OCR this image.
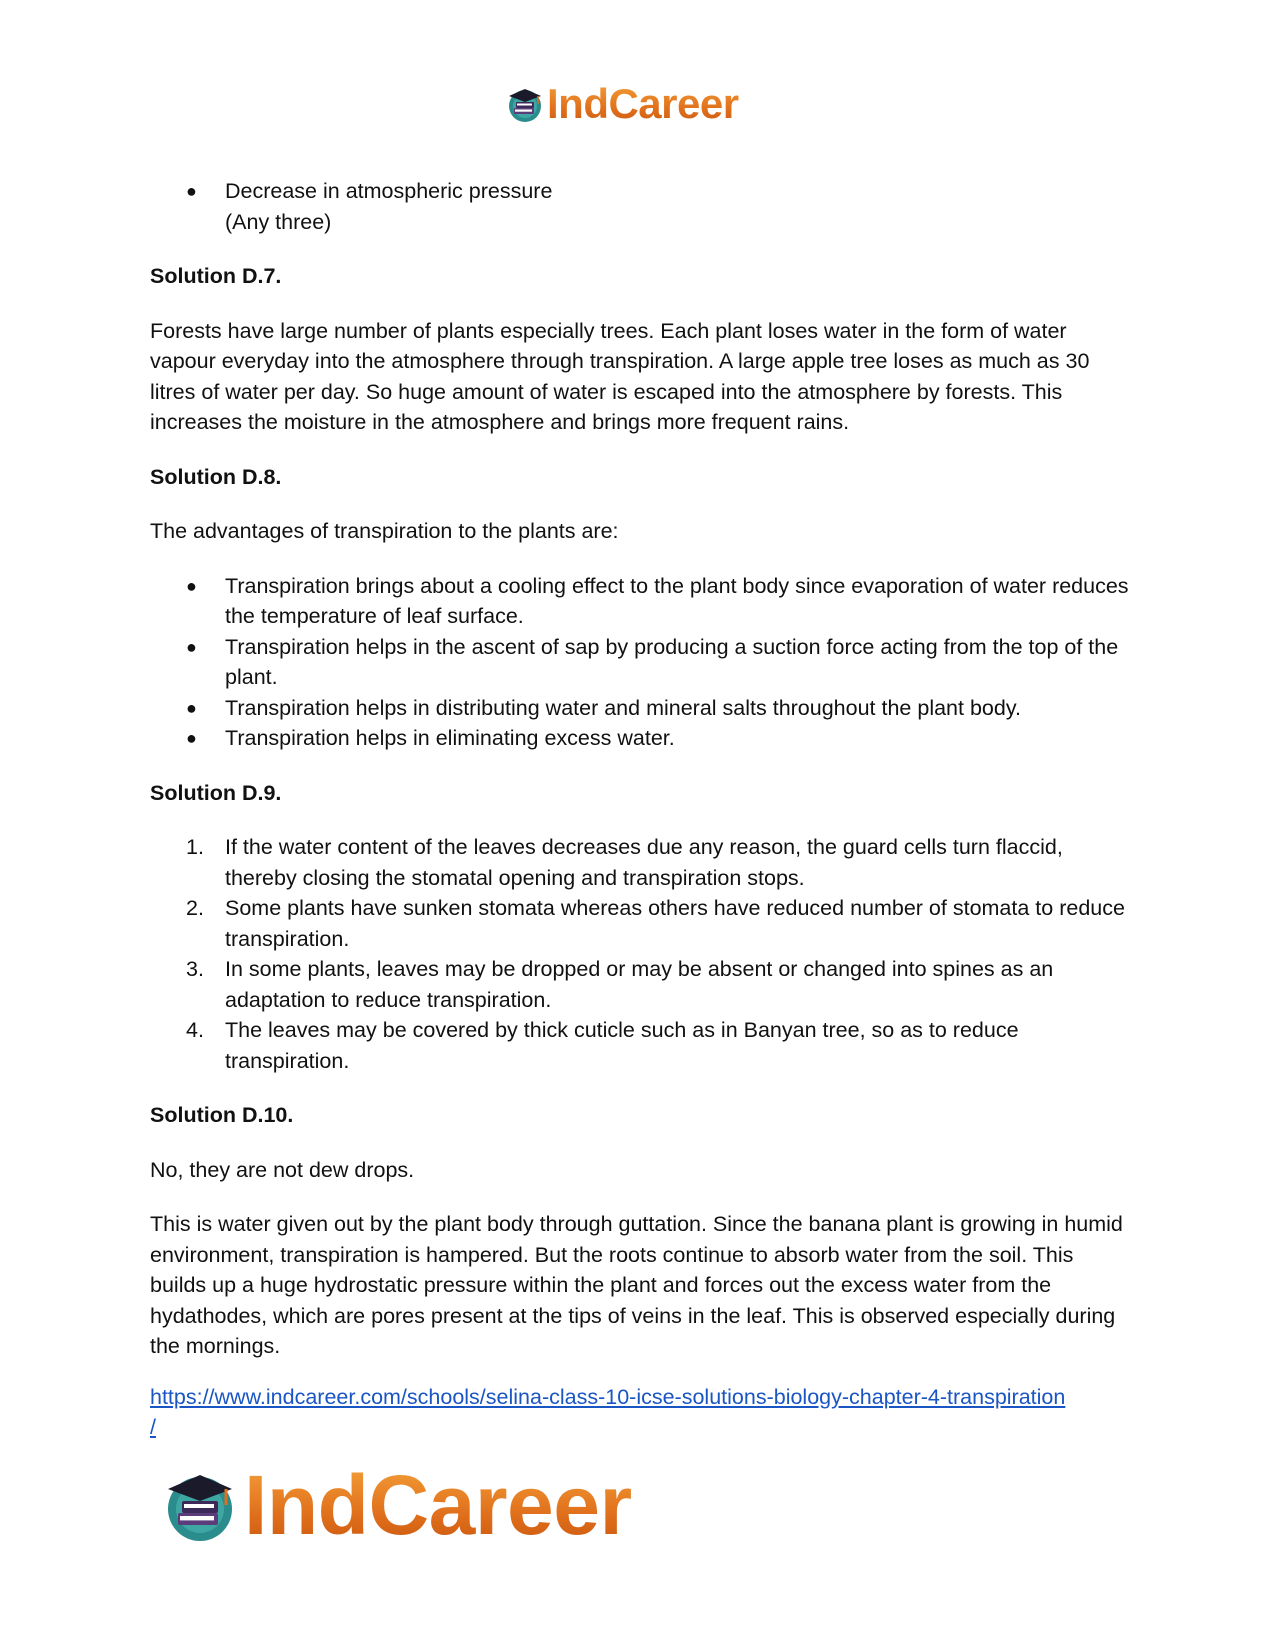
IndCareer
● Decrease in atmospheric pressure

(Any three)

Solution D.7.

Forests have large number of plants especially trees. Each plant loses water in the form of water vapour everyday into the atmosphere through transpiration. A large apple tree loses as much as 30 litres of water per day. So huge amount of water is escaped into the atmosphere by forests. This increases the moisture in the atmosphere and brings more frequent rains.

Solution D.8.

The advantages of transpiration to the plants are:

● Transpiration brings about a cooling effect to the plant body since evaporation of water reduces the temperature of leaf surface.
● Transpiration helps in the ascent of sap by producing a suction force acting from the top of the plant.
● Transpiration helps in distributing water and mineral salts throughout the plant body.
● Transpiration helps in eliminating excess water.

Solution D.9.

1. If the water content of the leaves decreases due any reason, the guard cells turn flaccid, thereby closing the stomatal opening and transpiration stops.
2. Some plants have sunken stomata whereas others have reduced number of stomata to reduce transpiration.
3. In some plants, leaves may be dropped or may be absent or changed into spines as an adaptation to reduce transpiration.
4. The leaves may be covered by thick cuticle such as in Banyan tree, so as to reduce transpiration.

Solution D.10.

No, they are not dew drops.

This is water given out by the plant body through guttation. Since the banana plant is growing in humid environment, transpiration is hampered. But the roots continue to absorb water from the soil. This builds up a huge hydrostatic pressure within the plant and forces out the excess water from the hydathodes, which are pores present at the tips of veins in the leaf. This is observed especially during the mornings.

https://www.indcareer.com/schools/selina-class-10-icse-solutions-biology-chapter-4-transpiration
/
IndCareer
